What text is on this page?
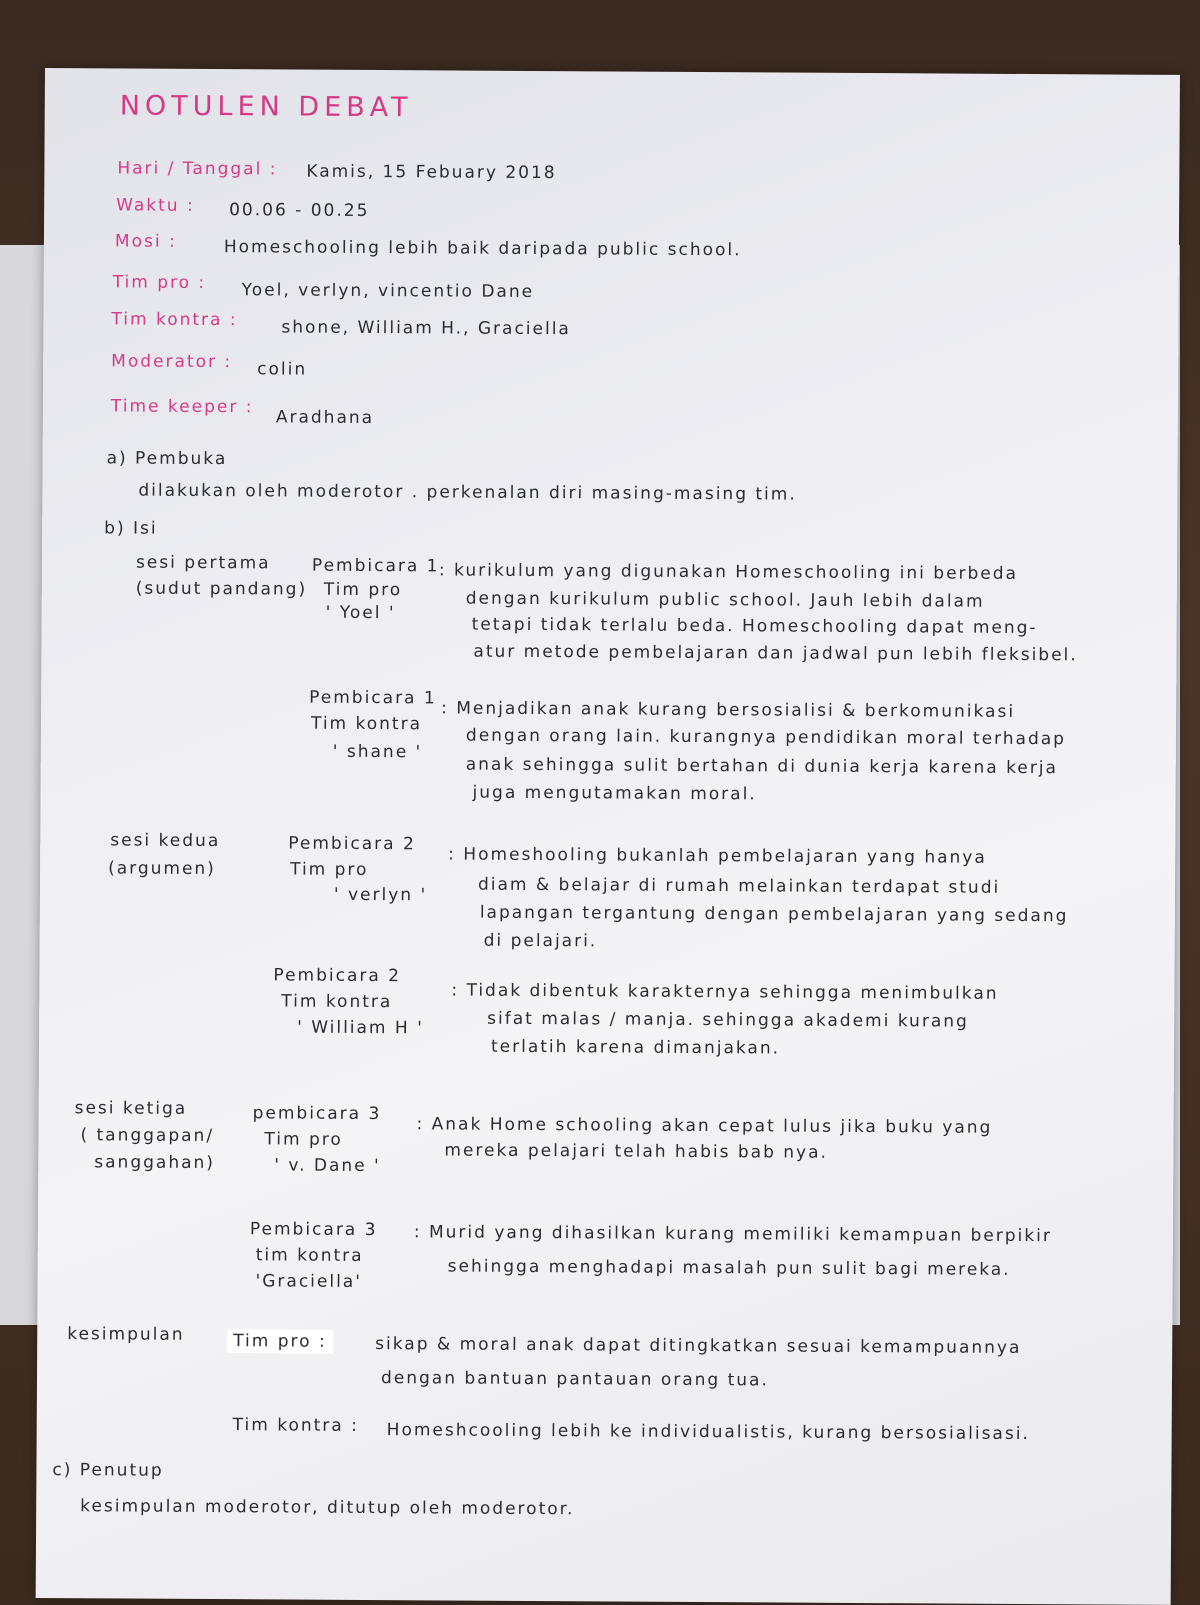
NOTULEN DEBAT
Hari / Tanggal : Kamis, 15 Febuary 2018
Waktu : 00.06 - 00.25
Mosi :	Homeschooling lebih baik daripada public school.
Tim pro : Yoel, verlyn, vincentio Dane
Tim kontra :	shone, William H., Graciella
Moderator : colin
Time keeper :
Aradhana
a) Pembuka
dilakukan oleh moderotor . perkenalan diri masing-masing tim.
b) Isi
sesi pertama
(sudut pandang)
Pembicara 1
Tim pro
' Yoel '
: kurikulum yang digunakan Homeschooling ini berbeda
dengan kurikulum public school. Jauh lebih dalam
tetapi tidak terlalu beda. Homeschooling dapat meng-
atur metode pembelajaran dan jadwal pun lebih fleksibel.
Pembicara 1
Tim kontra
' shane '
: Menjadikan anak kurang bersosialisi & berkomunikasi
dengan orang lain. kurangnya pendidikan moral terhadap
anak sehingga sulit bertahan di dunia kerja karena kerja
juga mengutamakan moral.
sesi kedua
(argumen)
Pembicara 2
Tim pro
' verlyn '
: Homeshooling bukanlah pembelajaran yang hanya
diam & belajar di rumah melainkan terdapat studi
lapangan tergantung dengan pembelajaran yang sedang
di pelajari.
Pembicara 2
Tim kontra
' William H '
: Tidak dibentuk karakternya sehingga menimbulkan
sifat malas / manja. sehingga akademi kurang
terlatih karena dimanjakan.
sesi ketiga
( tanggapan/
sanggahan)
pembicara 3
Tim pro
' v. Dane '
: Anak Home schooling akan cepat lulus jika buku yang
mereka pelajari telah habis bab nya.
Pembicara 3
tim kontra
'Graciella'
: Murid yang dihasilkan kurang memiliki kemampuan berpikir
sehingga menghadapi masalah pun sulit bagi mereka.
kesimpulan	Tim pro :	sikap & moral anak dapat ditingkatkan sesuai kemampuannya
dengan bantuan pantauan orang tua.
Tim kontra : Homeshcooling lebih ke individualistis, kurang bersosialisasi.
c) Penutup
kesimpulan moderotor, ditutup oleh moderotor.
